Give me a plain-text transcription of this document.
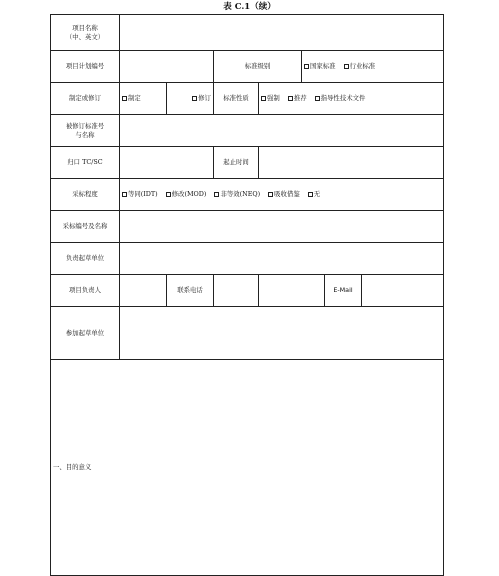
表 C.1（续）
项目名称
（中、英文）							

项目计划编号			标准级别		国家标准 行业标准		
制定或修订	制定	修订	标准性质	强制 推荐 指导性技术文件			

被修订标准号
与名称							

归口 TC/SC			起止时间				
采标程度	等同(IDT) 修改(MOD) 非等效(NEQ) 吸收借鉴 无						
采标编号及名称							
负责起草单位							
项目负责人		联系电话				E-Mail	
参加起草单位							
一、目的意义							
